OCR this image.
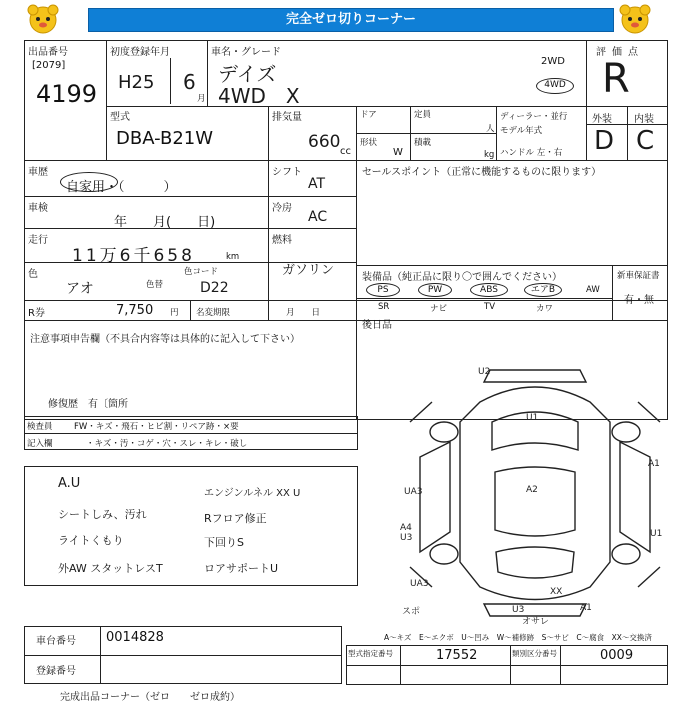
完全ゼロ切りコーナー
出品番号
[2079]
4199
初度登録年月
H25 6
月
車名・グレード
デイズ
4WD　X
2WD
4WD
評価点
R
外装 内装
D C
型式
DBA-B21W
排気量
660 cc
ドア	定員
人
形状
W
積載
kg
ディーラー・並行
モデル年式
ハンドル 左・右
車歴
自家用・（　　　）
シフト
AT
車検
年　　月(　　日)
冷房
AC
走行
11万6千658	km
燃料
ガソリン
色
アオ	色替
色コード
D22
R券	7,750 円 名変期限	月　　日
セールスポイント（正常に機能するものに限ります）
装備品（純正品に限り〇で囲んでください）	新車保証書
有・無
PS	PW	ABS	エアB	AW
SR	ナビ	TV	カワ
注意事項申告欄（不具合内容等は具体的に記入して下さい）
修復歴　有〔箇所
後日品
検査員
記入欄
FW・キズ・飛石・ヒビ割・リペア跡・×要
・キズ・汚・コゲ・穴・スレ・キレ・破し
A.U
シートしみ、汚れ
ライトくもり
外AW スタットレスT
エンジンルネル XX U
Rフロア修正
下回りS
ロアサポートU
U2
U1
A1
UA3	A2
A4
U3	U1
UA3
XX
U3
オサレ
A1
スポ
A～キズ　E～エクボ　U～凹み　W～補修跡　S～サビ　C～腐食　XX～交換済
車台番号 0014828
登録番号
型式指定番号	17552	類別区分番号	0009
完成出品コーナー（ゼロ　　ゼロ成約）
